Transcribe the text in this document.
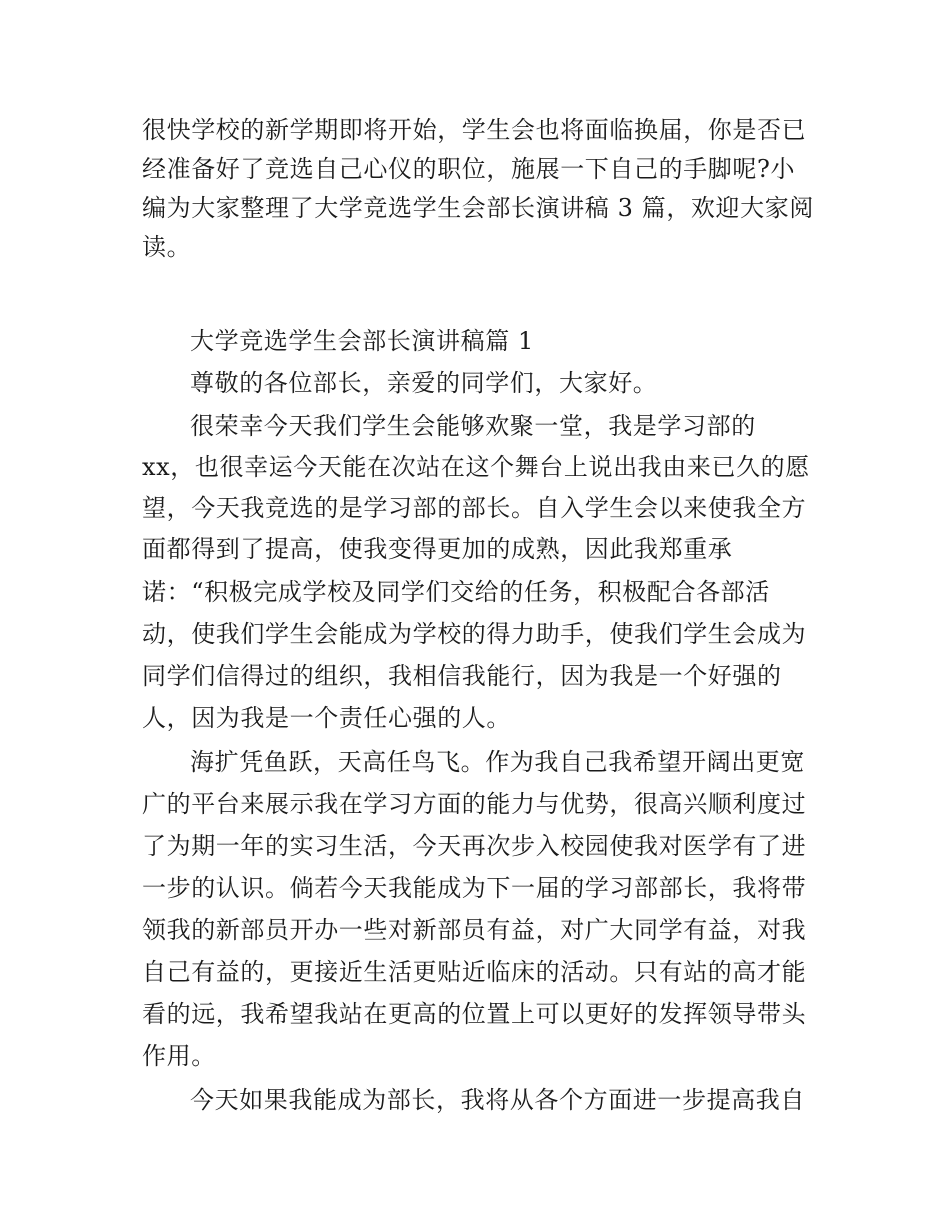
很快学校的新学期即将开始，学生会也将面临换届，你是否已
经准备好了竞选自己心仪的职位，施展一下自己的手脚呢?小
编为大家整理了大学竞选学生会部长演讲稿 3 篇，欢迎大家阅
读。
大学竞选学生会部长演讲稿篇 1
尊敬的各位部长，亲爱的同学们，大家好。
很荣幸今天我们学生会能够欢聚一堂，我是学习部的
xx，也很幸运今天能在次站在这个舞台上说出我由来已久的愿
望，今天我竞选的是学习部的部长。自入学生会以来使我全方
面都得到了提高，使我变得更加的成熟，因此我郑重承
诺：“积极完成学校及同学们交给的任务，积极配合各部活
动，使我们学生会能成为学校的得力助手，使我们学生会成为
同学们信得过的组织，我相信我能行，因为我是一个好强的
人，因为我是一个责任心强的人。
海扩凭鱼跃，天高任鸟飞。作为我自己我希望开阔出更宽
广的平台来展示我在学习方面的能力与优势，很高兴顺利度过
了为期一年的实习生活，今天再次步入校园使我对医学有了进
一步的认识。倘若今天我能成为下一届的学习部部长，我将带
领我的新部员开办一些对新部员有益，对广大同学有益，对我
自己有益的，更接近生活更贴近临床的活动。只有站的高才能
看的远，我希望我站在更高的位置上可以更好的发挥领导带头
作用。
今天如果我能成为部长，我将从各个方面进一步提高我自
